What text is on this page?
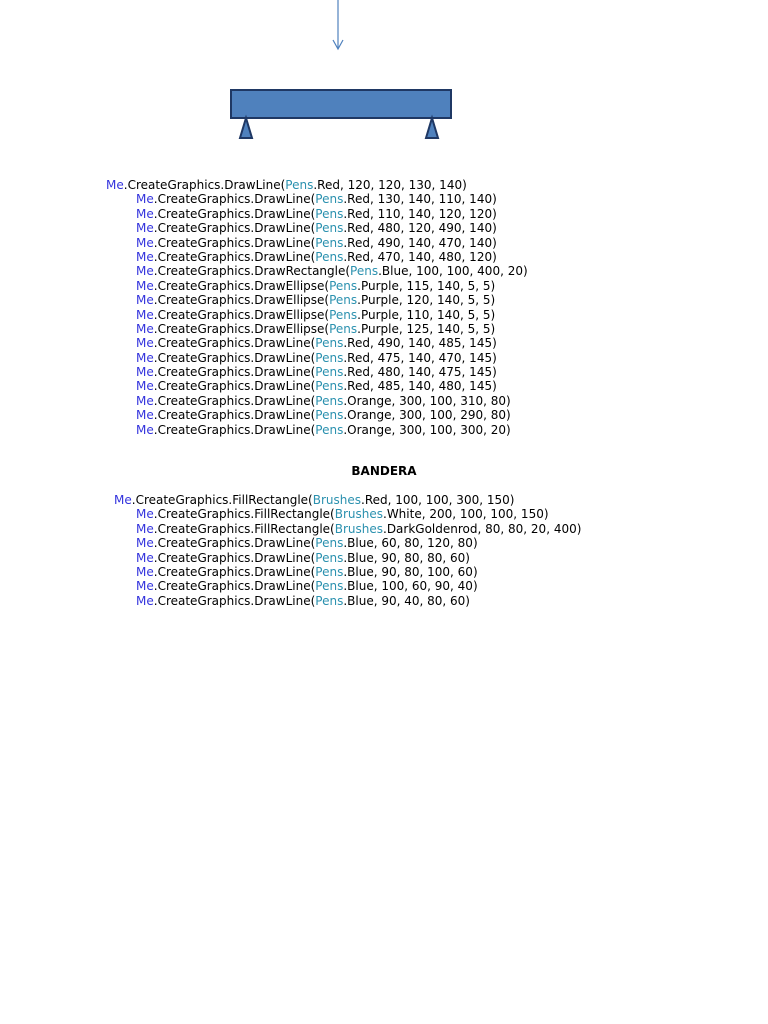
Me.CreateGraphics.DrawLine(Pens.Red, 120, 120, 130, 140)
Me.CreateGraphics.DrawLine(Pens.Red, 130, 140, 110, 140)
Me.CreateGraphics.DrawLine(Pens.Red, 110, 140, 120, 120)
Me.CreateGraphics.DrawLine(Pens.Red, 480, 120, 490, 140)
Me.CreateGraphics.DrawLine(Pens.Red, 490, 140, 470, 140)
Me.CreateGraphics.DrawLine(Pens.Red, 470, 140, 480, 120)
Me.CreateGraphics.DrawRectangle(Pens.Blue, 100, 100, 400, 20)
Me.CreateGraphics.DrawEllipse(Pens.Purple, 115, 140, 5, 5)
Me.CreateGraphics.DrawEllipse(Pens.Purple, 120, 140, 5, 5)
Me.CreateGraphics.DrawEllipse(Pens.Purple, 110, 140, 5, 5)
Me.CreateGraphics.DrawEllipse(Pens.Purple, 125, 140, 5, 5)
Me.CreateGraphics.DrawLine(Pens.Red, 490, 140, 485, 145)
Me.CreateGraphics.DrawLine(Pens.Red, 475, 140, 470, 145)
Me.CreateGraphics.DrawLine(Pens.Red, 480, 140, 475, 145)
Me.CreateGraphics.DrawLine(Pens.Red, 485, 140, 480, 145)
Me.CreateGraphics.DrawLine(Pens.Orange, 300, 100, 310, 80)
Me.CreateGraphics.DrawLine(Pens.Orange, 300, 100, 290, 80)
Me.CreateGraphics.DrawLine(Pens.Orange, 300, 100, 300, 20)
BANDERA
Me.CreateGraphics.FillRectangle(Brushes.Red, 100, 100, 300, 150)
Me.CreateGraphics.FillRectangle(Brushes.White, 200, 100, 100, 150)
Me.CreateGraphics.FillRectangle(Brushes.DarkGoldenrod, 80, 80, 20, 400)
Me.CreateGraphics.DrawLine(Pens.Blue, 60, 80, 120, 80)
Me.CreateGraphics.DrawLine(Pens.Blue, 90, 80, 80, 60)
Me.CreateGraphics.DrawLine(Pens.Blue, 90, 80, 100, 60)
Me.CreateGraphics.DrawLine(Pens.Blue, 100, 60, 90, 40)
Me.CreateGraphics.DrawLine(Pens.Blue, 90, 40, 80, 60)
